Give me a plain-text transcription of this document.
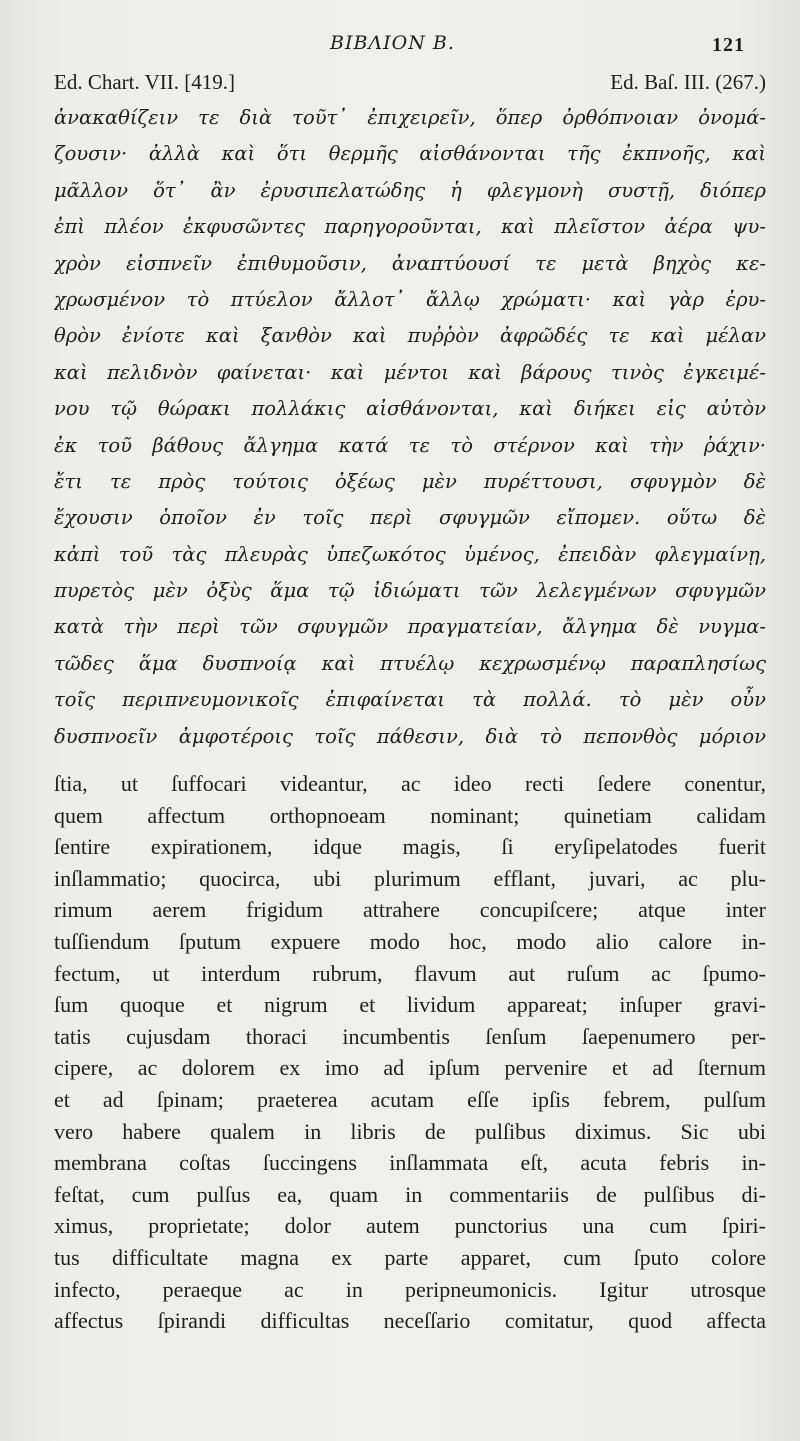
BIBΛΙΟΝ B.	121
Ed. Chart. VII. [419.]	Ed. Baſ. III. (267.)
ἀνακαθίζειν τε διὰ τοῦτ᾽ ἐπιχειρεῖν, ὅπερ ὀρθόπνοιαν ὀνομά-
ζουσιν· ἀλλὰ καὶ ὅτι θερμῆς αἰσθάνονται τῆς ἐκπνοῆς, καὶ
μᾶλλον ὅτ᾽ ἂν ἐρυσιπελατώδης ἡ φλεγμονὴ συστῇ, διόπερ
ἐπὶ πλέον ἐκφυσῶντες παρηγοροῦνται, καὶ πλεῖστον ἀέρα ψυ-
χρὸν εἰσπνεῖν ἐπιθυμοῦσιν, ἀναπτύουσί τε μετὰ βηχὸς κε-
χρωσμένον τὸ πτύελον ἄλλοτ᾽ ἄλλῳ χρώματι· καὶ γὰρ ἐρυ-
θρὸν ἐνίοτε καὶ ξανθὸν καὶ πυῤῥὸν ἀφρῶδές τε καὶ μέλαν
καὶ πελιδνὸν φαίνεται· καὶ μέντοι καὶ βάρους τινὸς ἐγκειμέ-
νου τῷ θώρακι πολλάκις αἰσθάνονται, καὶ διήκει εἰς αὐτὸν
ἐκ τοῦ βάθους ἄλγημα κατά τε τὸ στέρνον καὶ τὴν ῥάχιν·
ἔτι τε πρὸς τούτοις ὀξέως μὲν πυρέττουσι, σφυγμὸν δὲ
ἔχουσιν ὁποῖον ἐν τοῖς περὶ σφυγμῶν εἴπομεν. οὕτω δὲ
κἀπὶ τοῦ τὰς πλευρὰς ὑπεζωκότος ὑμένος, ἐπειδὰν φλεγμαίνῃ,
πυρετὸς μὲν ὀξὺς ἅμα τῷ ἰδιώματι τῶν λελεγμένων σφυγμῶν
κατὰ τὴν περὶ τῶν σφυγμῶν πραγματείαν, ἄλγημα δὲ νυγμα-
τῶδες ἅμα δυσπνοίᾳ καὶ πτυέλῳ κεχρωσμένῳ παραπλησίως
τοῖς περιπνευμονικοῖς ἐπιφαίνεται τὰ πολλά. τὸ μὲν οὖν
δυσπνοεῖν ἀμφοτέροις τοῖς πάθεσιν, διὰ τὸ πεπονθὸς μόριον
ſtia, ut ſuffocari videantur, ac ideo recti ſedere conentur,
quem affectum orthopnoeam nominant; quinetiam calidam
ſentire expirationem, idque magis, ſi eryſipelatodes fuerit
inſlammatio; quocirca, ubi plurimum efflant, juvari, ac plu-
rimum aerem frigidum attrahere concupiſcere; atque inter
tuſſiendum ſputum expuere modo hoc, modo alio calore in-
fectum, ut interdum rubrum, flavum aut ruſum ac ſpumo-
ſum quoque et nigrum et lividum appareat; inſuper gravi-
tatis cujusdam thoraci incumbentis ſenſum ſaepenumero per-
cipere, ac dolorem ex imo ad ipſum pervenire et ad ſternum
et ad ſpinam; praeterea acutam eſſe ipſis febrem, pulſum
vero habere qualem in libris de pulſibus diximus. Sic ubi
membrana coſtas ſuccingens inſlammata eſt, acuta febris in-
feſtat, cum pulſus ea, quam in commentariis de pulſibus di-
ximus, proprietate; dolor autem punctorius una cum ſpiri-
tus difficultate magna ex parte apparet, cum ſputo colore
infecto, peraeque ac in peripneumonicis. Igitur utrosque
affectus ſpirandi difficultas neceſſario comitatur, quod affecta
